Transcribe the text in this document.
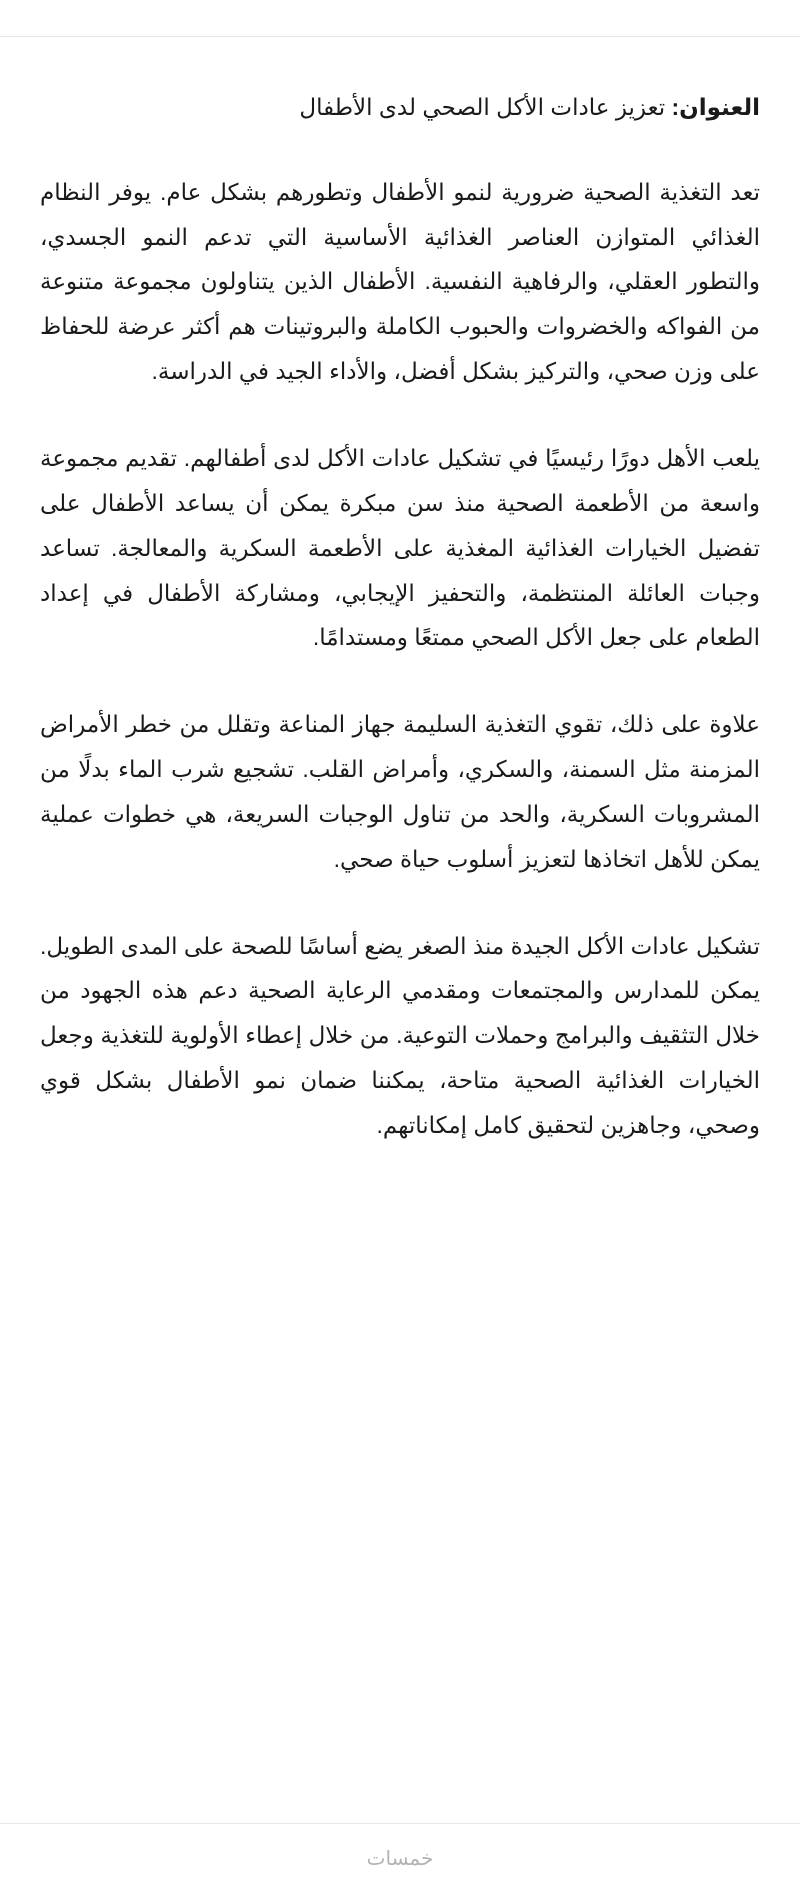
العنوان: تعزيز عادات الأكل الصحي لدى الأطفال

تعد التغذية الصحية ضرورية لنمو الأطفال وتطورهم بشكل عام. يوفر النظام الغذائي المتوازن العناصر الغذائية الأساسية التي تدعم النمو الجسدي، والتطور العقلي، والرفاهية النفسية. الأطفال الذين يتناولون مجموعة متنوعة من الفواكه والخضروات والحبوب الكاملة والبروتينات هم أكثر عرضة للحفاظ على وزن صحي، والتركيز بشكل أفضل، والأداء الجيد في الدراسة.

يلعب الأهل دورًا رئيسيًا في تشكيل عادات الأكل لدى أطفالهم. تقديم مجموعة واسعة من الأطعمة الصحية منذ سن مبكرة يمكن أن يساعد الأطفال على تفضيل الخيارات الغذائية المغذية على الأطعمة السكرية والمعالجة. تساعد وجبات العائلة المنتظمة، والتحفيز الإيجابي، ومشاركة الأطفال في إعداد الطعام على جعل الأكل الصحي ممتعًا ومستدامًا.

علاوة على ذلك، تقوي التغذية السليمة جهاز المناعة وتقلل من خطر الأمراض المزمنة مثل السمنة، والسكري، وأمراض القلب. تشجيع شرب الماء بدلًا من المشروبات السكرية، والحد من تناول الوجبات السريعة، هي خطوات عملية يمكن للأهل اتخاذها لتعزيز أسلوب حياة صحي.

تشكيل عادات الأكل الجيدة منذ الصغر يضع أساسًا للصحة على المدى الطويل. يمكن للمدارس والمجتمعات ومقدمي الرعاية الصحية دعم هذه الجهود من خلال التثقيف والبرامج وحملات التوعية. من خلال إعطاء الأولوية للتغذية وجعل الخيارات الغذائية الصحية متاحة، يمكننا ضمان نمو الأطفال بشكل قوي وصحي، وجاهزين لتحقيق كامل إمكاناتهم.

خمسات
